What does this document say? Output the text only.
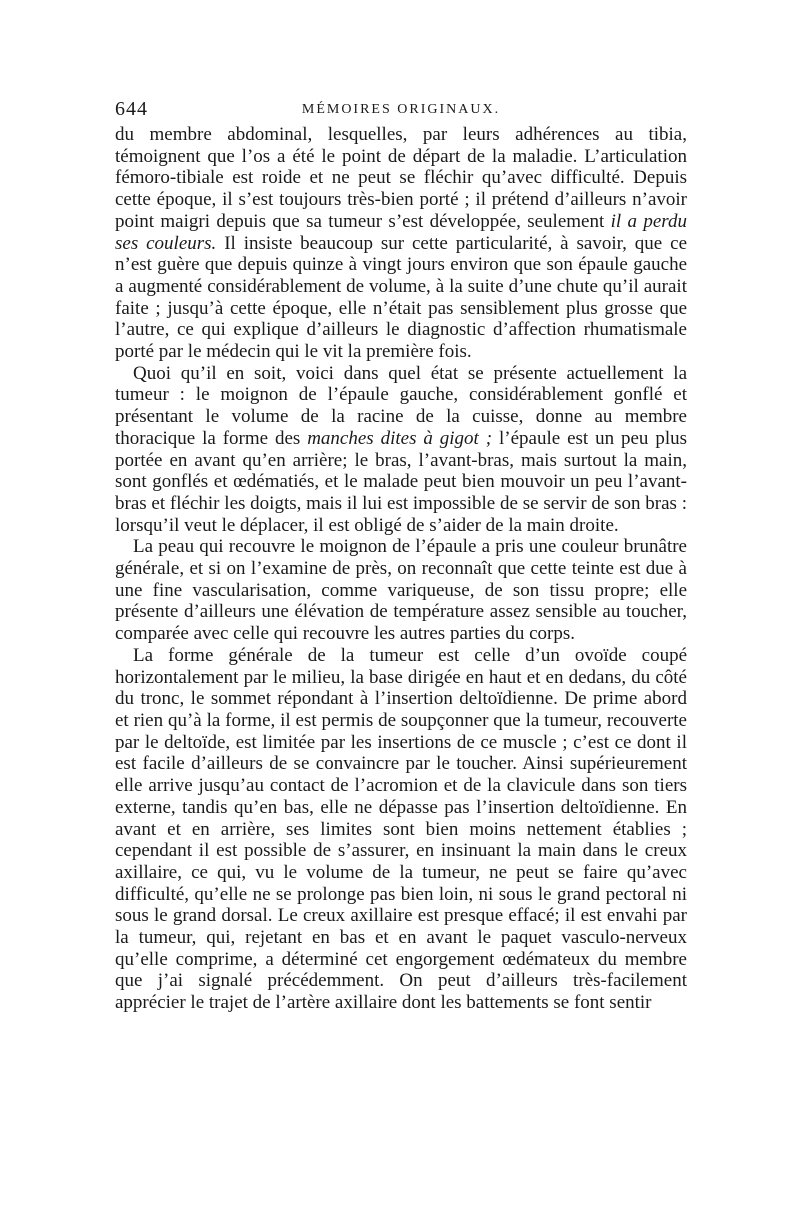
644	MÉMOIRES ORIGINAUX.

du membre abdominal, lesquelles, par leurs adhérences au tibia, témoignent que l’os a été le point de départ de la maladie. L’articulation fémoro-tibiale est roide et ne peut se fléchir qu’avec difficulté. Depuis cette époque, il s’est toujours très-bien porté ; il prétend d’ailleurs n’avoir point maigri depuis que sa tumeur s’est développée, seulement il a perdu ses couleurs. Il insiste beaucoup sur cette particularité, à savoir, que ce n’est guère que depuis quinze à vingt jours environ que son épaule gauche a augmenté considérablement de volume, à la suite d’une chute qu’il aurait faite ; jusqu’à cette époque, elle n’était pas sensiblement plus grosse que l’autre, ce qui explique d’ailleurs le diagnostic d’affection rhumatismale porté par le médecin qui le vit la première fois.

Quoi qu’il en soit, voici dans quel état se présente actuellement la tumeur : le moignon de l’épaule gauche, considérablement gonflé et présentant le volume de la racine de la cuisse, donne au membre thoracique la forme des manches dites à gigot ; l’épaule est un peu plus portée en avant qu’en arrière; le bras, l’avant-bras, mais surtout la main, sont gonflés et œdématiés, et le malade peut bien mouvoir un peu l’avant-bras et fléchir les doigts, mais il lui est impossible de se servir de son bras : lorsqu’il veut le déplacer, il est obligé de s’aider de la main droite.

La peau qui recouvre le moignon de l’épaule a pris une couleur brunâtre générale, et si on l’examine de près, on reconnaît que cette teinte est due à une fine vascularisation, comme variqueuse, de son tissu propre; elle présente d’ailleurs une élévation de température assez sensible au toucher, comparée avec celle qui recouvre les autres parties du corps.

La forme générale de la tumeur est celle d’un ovoïde coupé horizontalement par le milieu, la base dirigée en haut et en dedans, du côté du tronc, le sommet répondant à l’insertion deltoïdienne. De prime abord et rien qu’à la forme, il est permis de soupçonner que la tumeur, recouverte par le deltoïde, est limitée par les insertions de ce muscle ; c’est ce dont il est facile d’ailleurs de se convaincre par le toucher. Ainsi supérieurement elle arrive jusqu’au contact de l’acromion et de la clavicule dans son tiers externe, tandis qu’en bas, elle ne dépasse pas l’insertion deltoïdienne. En avant et en arrière, ses limites sont bien moins nettement établies ; cependant il est possible de s’assurer, en insinuant la main dans le creux axillaire, ce qui, vu le volume de la tumeur, ne peut se faire qu’avec difficulté, qu’elle ne se prolonge pas bien loin, ni sous le grand pectoral ni sous le grand dorsal. Le creux axillaire est presque effacé; il est envahi par la tumeur, qui, rejetant en bas et en avant le paquet vasculo-nerveux qu’elle comprime, a déterminé cet engorgement œdémateux du membre que j’ai signalé précédemment. On peut d’ailleurs très-facilement apprécier le trajet de l’artère axillaire dont les battements se font sentir
